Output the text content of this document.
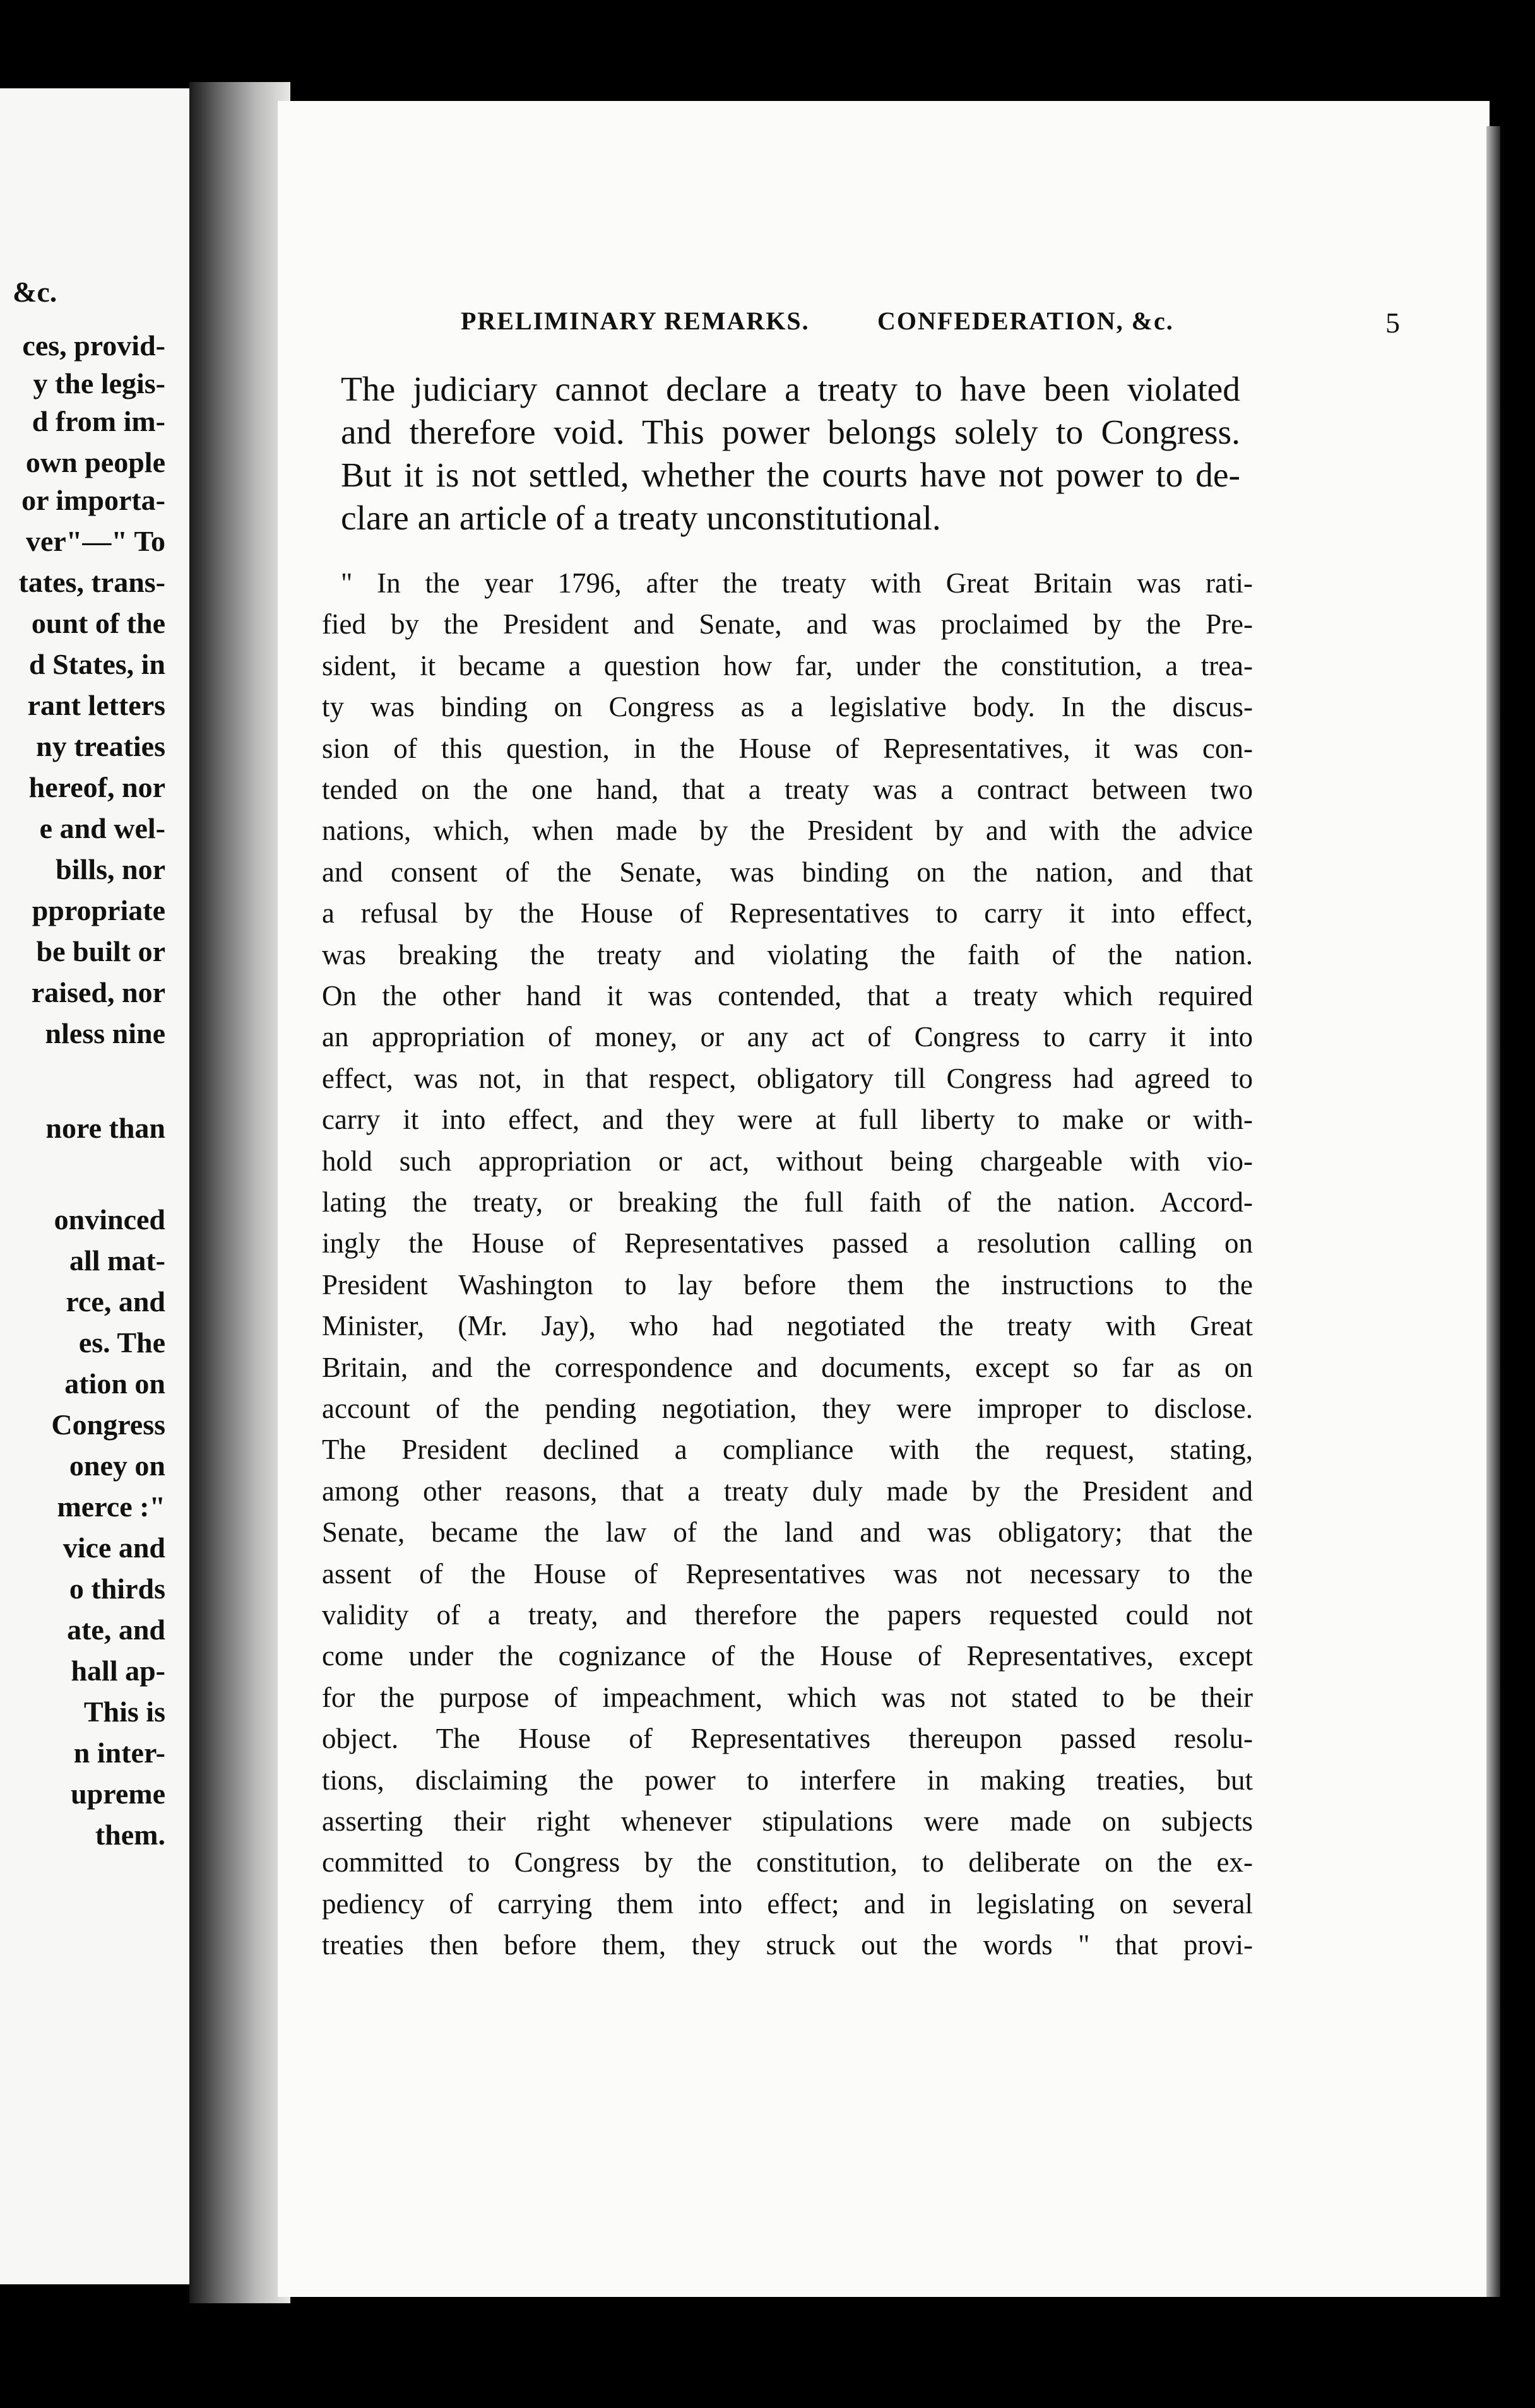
&c.
ces, provid-
y the legis-
d from im-
own people
or importa-
ver"—" To
tates, trans-
ount of the
d States, in
rant letters
ny treaties
hereof, nor
e and wel-
bills, nor
ppropriate
be built or
raised, nor
nless nine
nore than
onvinced
all mat-
rce, and
es. The
ation on
Congress
oney on
merce :"
vice and
o thirds
ate, and
hall ap-
This is
n inter-
upreme
them.
PRELIMINARY REMARKS.	CONFEDERATION, &c.	5
The judiciary cannot declare a treaty to have been violated
and therefore void. This power belongs solely to Congress.
But it is not settled, whether the courts have not power to de-
clare an article of a treaty unconstitutional.
" In the year 1796, after the treaty with Great Britain was rati-
fied by the President and Senate, and was proclaimed by the Pre-
sident, it became a question how far, under the constitution, a trea-
ty was binding on Congress as a legislative body. In the discus-
sion of this question, in the House of Representatives, it was con-
tended on the one hand, that a treaty was a contract between two
nations, which, when made by the President by and with the advice
and consent of the Senate, was binding on the nation, and that
a refusal by the House of Representatives to carry it into effect,
was breaking the treaty and violating the faith of the nation.
On the other hand it was contended, that a treaty which required
an appropriation of money, or any act of Congress to carry it into
effect, was not, in that respect, obligatory till Congress had agreed to
carry it into effect, and they were at full liberty to make or with-
hold such appropriation or act, without being chargeable with vio-
lating the treaty, or breaking the full faith of the nation. Accord-
ingly the House of Representatives passed a resolution calling on
President Washington to lay before them the instructions to the
Minister, (Mr. Jay), who had negotiated the treaty with Great
Britain, and the correspondence and documents, except so far as on
account of the pending negotiation, they were improper to disclose.
The President declined a compliance with the request, stating,
among other reasons, that a treaty duly made by the President and
Senate, became the law of the land and was obligatory; that the
assent of the House of Representatives was not necessary to the
validity of a treaty, and therefore the papers requested could not
come under the cognizance of the House of Representatives, except
for the purpose of impeachment, which was not stated to be their
object. The House of Representatives thereupon passed resolu-
tions, disclaiming the power to interfere in making treaties, but
asserting their right whenever stipulations were made on subjects
committed to Congress by the constitution, to deliberate on the ex-
pediency of carrying them into effect; and in legislating on several
treaties then before them, they struck out the words " that provi-
